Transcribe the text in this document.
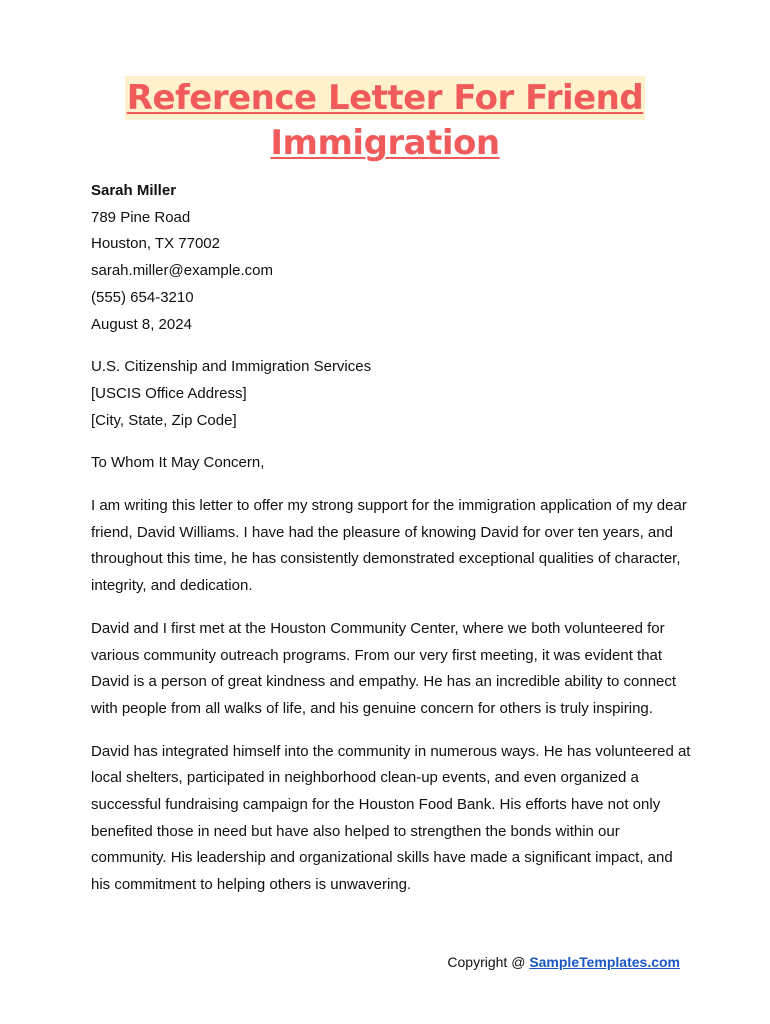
Reference Letter For Friend
Immigration
Sarah Miller
789 Pine Road
Houston, TX 77002
sarah.miller@example.com
(555) 654-3210
August 8, 2024
U.S. Citizenship and Immigration Services
[USCIS Office Address]
[City, State, Zip Code]
To Whom It May Concern,
I am writing this letter to offer my strong support for the immigration application of my dear friend, David Williams. I have had the pleasure of knowing David for over ten years, and throughout this time, he has consistently demonstrated exceptional qualities of character, integrity, and dedication.
David and I first met at the Houston Community Center, where we both volunteered for various community outreach programs. From our very first meeting, it was evident that David is a person of great kindness and empathy. He has an incredible ability to connect with people from all walks of life, and his genuine concern for others is truly inspiring.
David has integrated himself into the community in numerous ways. He has volunteered at local shelters, participated in neighborhood clean-up events, and even organized a successful fundraising campaign for the Houston Food Bank. His efforts have not only benefited those in need but have also helped to strengthen the bonds within our community. His leadership and organizational skills have made a significant impact, and his commitment to helping others is unwavering.
Copyright @ SampleTemplates.com
